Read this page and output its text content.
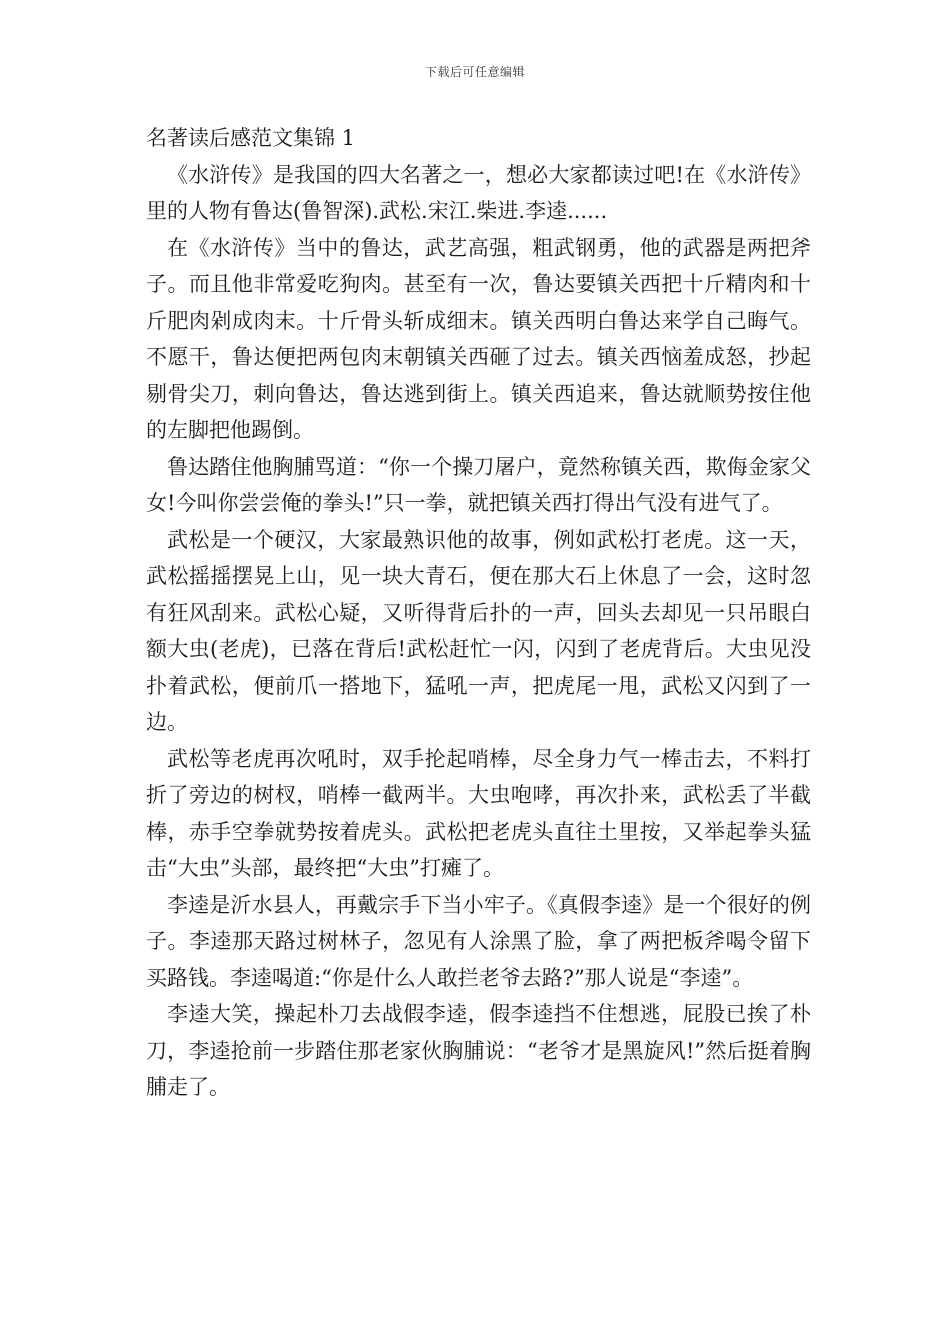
下载后可任意编辑
名著读后感范文集锦 1

《水浒传》是我国的四大名著之一，想必大家都读过吧!在《水浒传》里的人物有鲁达(鲁智深).武松.宋江.柴进.李逵......

在《水浒传》当中的鲁达，武艺高强，粗武钢勇，他的武器是两把斧子。而且他非常爱吃狗肉。甚至有一次，鲁达要镇关西把十斤精肉和十斤肥肉剁成肉末。十斤骨头斩成细末。镇关西明白鲁达来学自己晦气。不愿干，鲁达便把两包肉末朝镇关西砸了过去。镇关西恼羞成怒，抄起剔骨尖刀，刺向鲁达，鲁达逃到街上。镇关西追来，鲁达就顺势按住他的左脚把他踢倒。

鲁达踏住他胸脯骂道：“你一个操刀屠户，竟然称镇关西，欺侮金家父女!今叫你尝尝俺的拳头!”只一拳，就把镇关西打得出气没有进气了。

武松是一个硬汉，大家最熟识他的故事，例如武松打老虎。这一天，武松摇摇摆晃上山，见一块大青石，便在那大石上休息了一会，这时忽有狂风刮来。武松心疑，又听得背后扑的一声，回头去却见一只吊眼白额大虫(老虎)，已落在背后!武松赶忙一闪，闪到了老虎背后。大虫见没扑着武松，便前爪一搭地下，猛吼一声，把虎尾一甩，武松又闪到了一边。

武松等老虎再次吼时，双手抡起哨棒，尽全身力气一棒击去，不料打折了旁边的树杈，哨棒一截两半。大虫咆哮，再次扑来，武松丢了半截棒，赤手空拳就势按着虎头。武松把老虎头直往土里按，又举起拳头猛击“大虫”头部，最终把“大虫”打瘫了。

李逵是沂水县人，再戴宗手下当小牢子。《真假李逵》是一个很好的例子。李逵那天路过树林子，忽见有人涂黑了脸，拿了两把板斧喝令留下买路钱。李逵喝道:“你是什么人敢拦老爷去路?”那人说是“李逵”。

李逵大笑，操起朴刀去战假李逵，假李逵挡不住想逃，屁股已挨了朴刀，李逵抢前一步踏住那老家伙胸脯说：“老爷才是黑旋风!”然后挺着胸脯走了。
